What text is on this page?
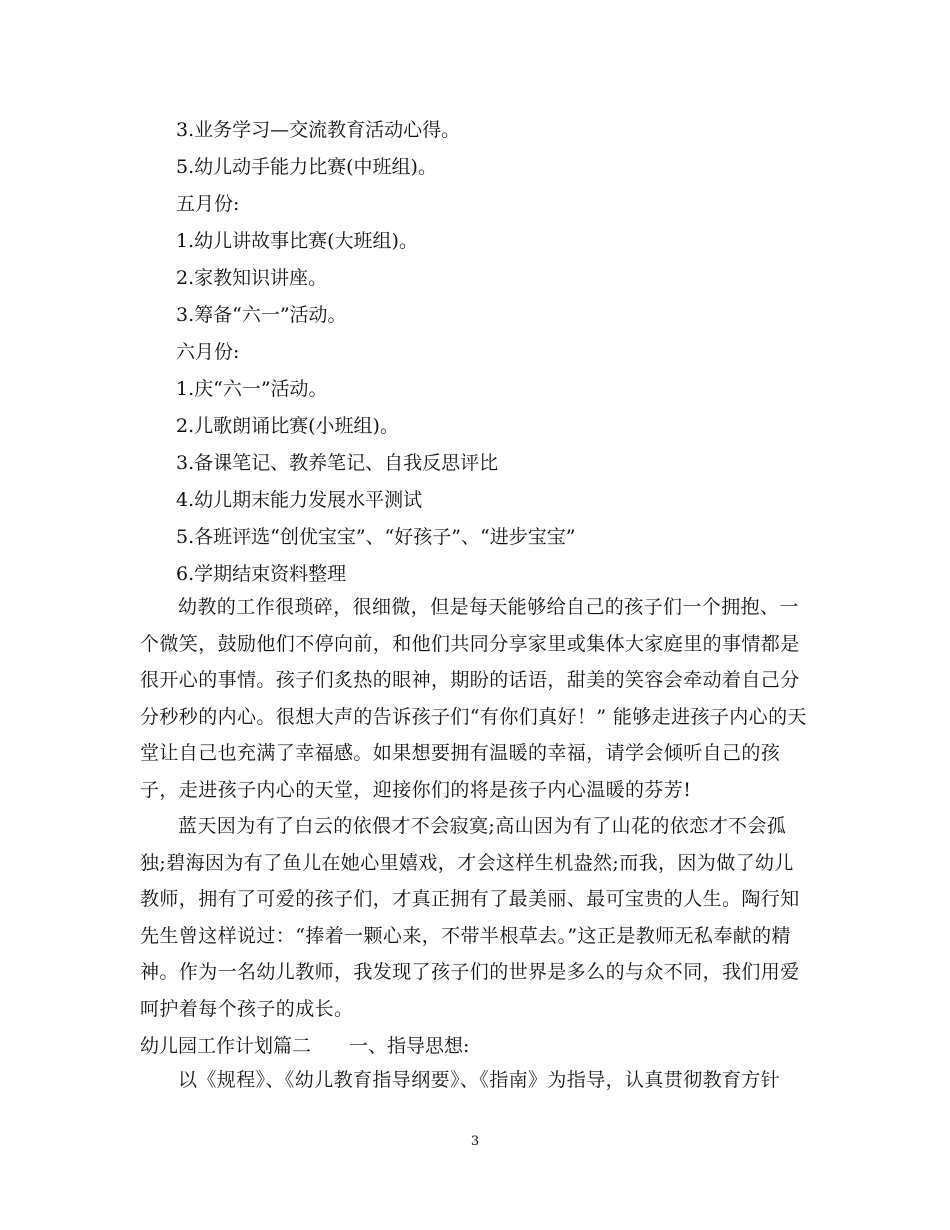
3.业务学习—交流教育活动心得。
5.幼儿动手能力比赛(中班组)。
五月份:
1.幼儿讲故事比赛(大班组)。
2.家教知识讲座。
3.筹备“六一”活动。
六月份:
1.庆“六一”活动。
2.儿歌朗诵比赛(小班组)。
3.备课笔记、教养笔记、自我反思评比
4.幼儿期末能力发展水平测试
5.各班评选“创优宝宝”、“好孩子”、“进步宝宝”
6.学期结束资料整理

幼教的工作很琐碎，很细微，但是每天能够给自己的孩子们一个拥抱、一个微笑，鼓励他们不停向前，和他们共同分享家里或集体大家庭里的事情都是很开心的事情。孩子们炙热的眼神，期盼的话语，甜美的笑容会牵动着自己分分秒秒的内心。很想大声的告诉孩子们“有你们真好！” 能够走进孩子内心的天堂让自己也充满了幸福感。如果想要拥有温暖的幸福，请学会倾听自己的孩子，走进孩子内心的天堂，迎接你们的将是孩子内心温暖的芬芳!

蓝天因为有了白云的依偎才不会寂寞;高山因为有了山花的依恋才不会孤独;碧海因为有了鱼儿在她心里嬉戏，才会这样生机盎然;而我，因为做了幼儿教师，拥有了可爱的孩子们，才真正拥有了最美丽、最可宝贵的人生。陶行知先生曾这样说过：“捧着一颗心来，不带半根草去。”这正是教师无私奉献的精神。作为一名幼儿教师，我发现了孩子们的世界是多么的与众不同，我们用爱呵护着每个孩子的成长。

幼儿园工作计划篇二　　一、指导思想:

以《规程》、《幼儿教育指导纲要》、《指南》为指导，认真贯彻教育方针

3
